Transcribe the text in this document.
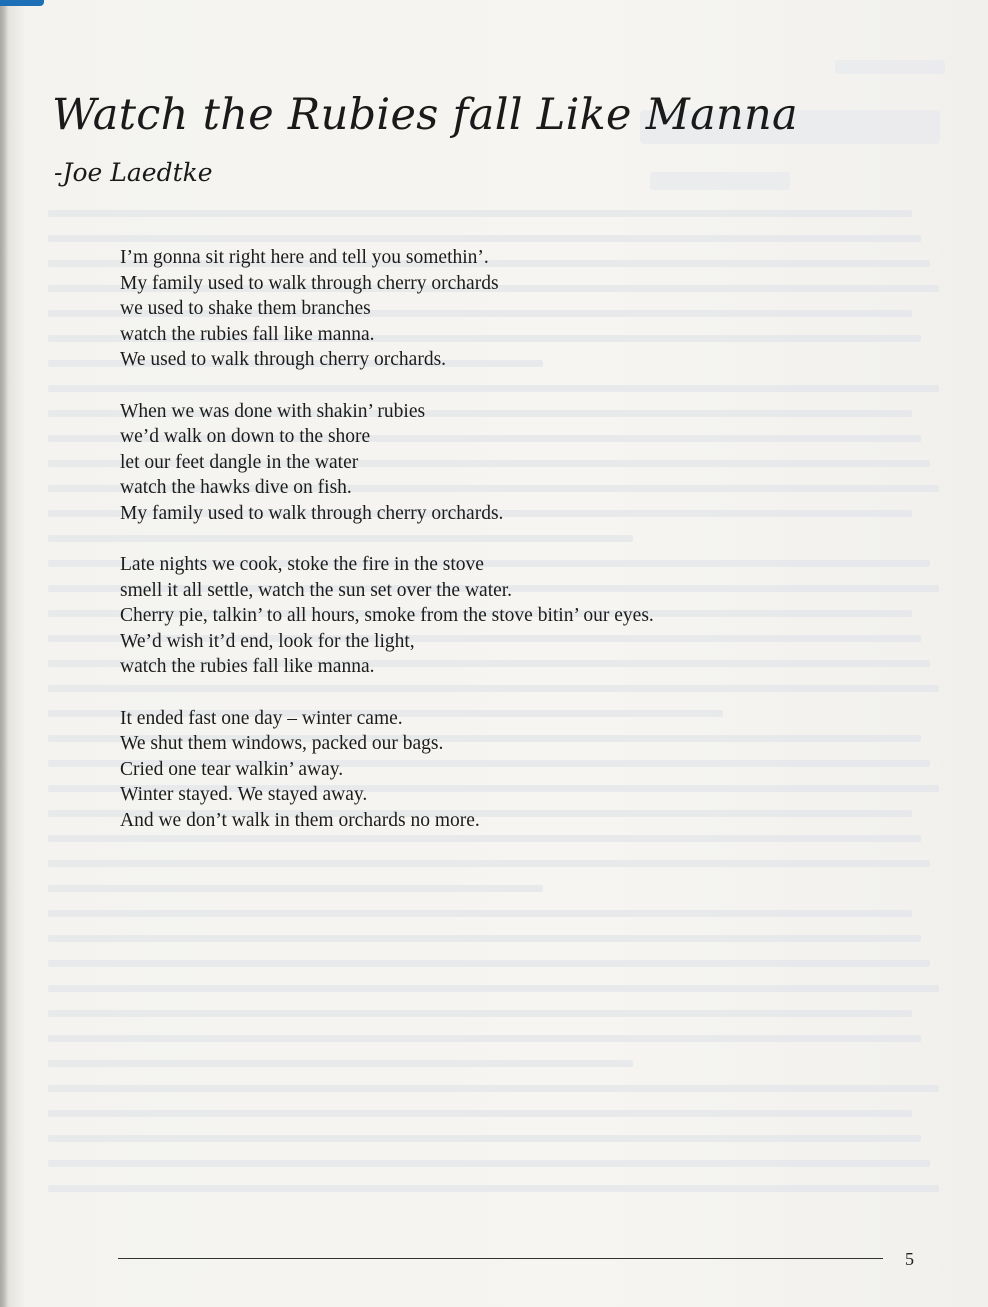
Watch the Rubies fall Like Manna
-Joe Laedtke
I’m gonna sit right here and tell you somethin’.
My family used to walk through cherry orchards
we used to shake them branches
watch the rubies fall like manna.
We used to walk through cherry orchards.
When we was done with shakin’ rubies
we’d walk on down to the shore
let our feet dangle in the water
watch the hawks dive on fish.
My family used to walk through cherry orchards.
Late nights we cook, stoke the fire in the stove
smell it all settle, watch the sun set over the water.
Cherry pie, talkin’ to all hours, smoke from the stove bitin’ our eyes.
We’d wish it’d end, look for the light,
watch the rubies fall like manna.
It ended fast one day – winter came.
We shut them windows, packed our bags.
Cried one tear walkin’ away.
Winter stayed. We stayed away.
And we don’t walk in them orchards no more.
5
